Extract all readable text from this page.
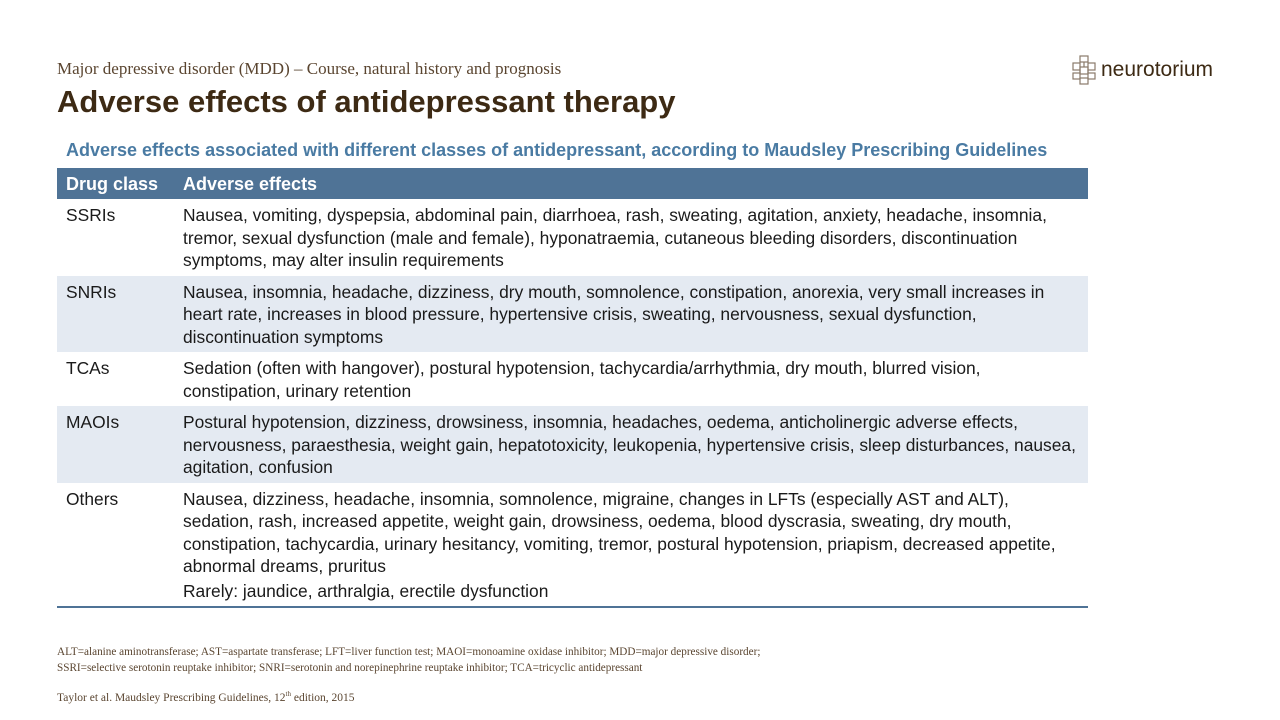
Major depressive disorder (MDD) – Course, natural history and prognosis
Adverse effects of antidepressant therapy
neurotorium
Adverse effects associated with different classes of antidepressant, according to Maudsley Prescribing Guidelines
Drug class	Adverse effects
SSRIs	Nausea, vomiting, dyspepsia, abdominal pain, diarrhoea, rash, sweating, agitation, anxiety, headache, insomnia, tremor, sexual dysfunction (male and female), hyponatraemia, cutaneous bleeding disorders, discontinuation symptoms, may alter insulin requirements
SNRIs	Nausea, insomnia, headache, dizziness, dry mouth, somnolence, constipation, anorexia, very small increases in heart rate, increases in blood pressure, hypertensive crisis, sweating, nervousness, sexual dysfunction, discontinuation symptoms
TCAs	Sedation (often with hangover), postural hypotension, tachycardia/arrhythmia, dry mouth, blurred vision, constipation, urinary retention
MAOIs	Postural hypotension, dizziness, drowsiness, insomnia, headaches, oedema, anticholinergic adverse effects, nervousness, paraesthesia, weight gain, hepatotoxicity, leukopenia, hypertensive crisis, sleep disturbances, nausea, agitation, confusion
Others	Nausea, dizziness, headache, insomnia, somnolence, migraine, changes in LFTs (especially AST and ALT), sedation, rash, increased appetite, weight gain, drowsiness, oedema, blood dyscrasia, sweating, dry mouth, constipation, tachycardia, urinary hesitancy, vomiting, tremor, postural hypotension, priapism, decreased appetite, abnormal dreams, pruritus
Rarely: jaundice, arthralgia, erectile dysfunction
ALT=alanine aminotransferase; AST=aspartate transferase; LFT=liver function test; MAOI=monoamine oxidase inhibitor; MDD=major depressive disorder;
SSRI=selective serotonin reuptake inhibitor; SNRI=serotonin and norepinephrine reuptake inhibitor; TCA=tricyclic antidepressant
Taylor et al. Maudsley Prescribing Guidelines, 12th edition, 2015
